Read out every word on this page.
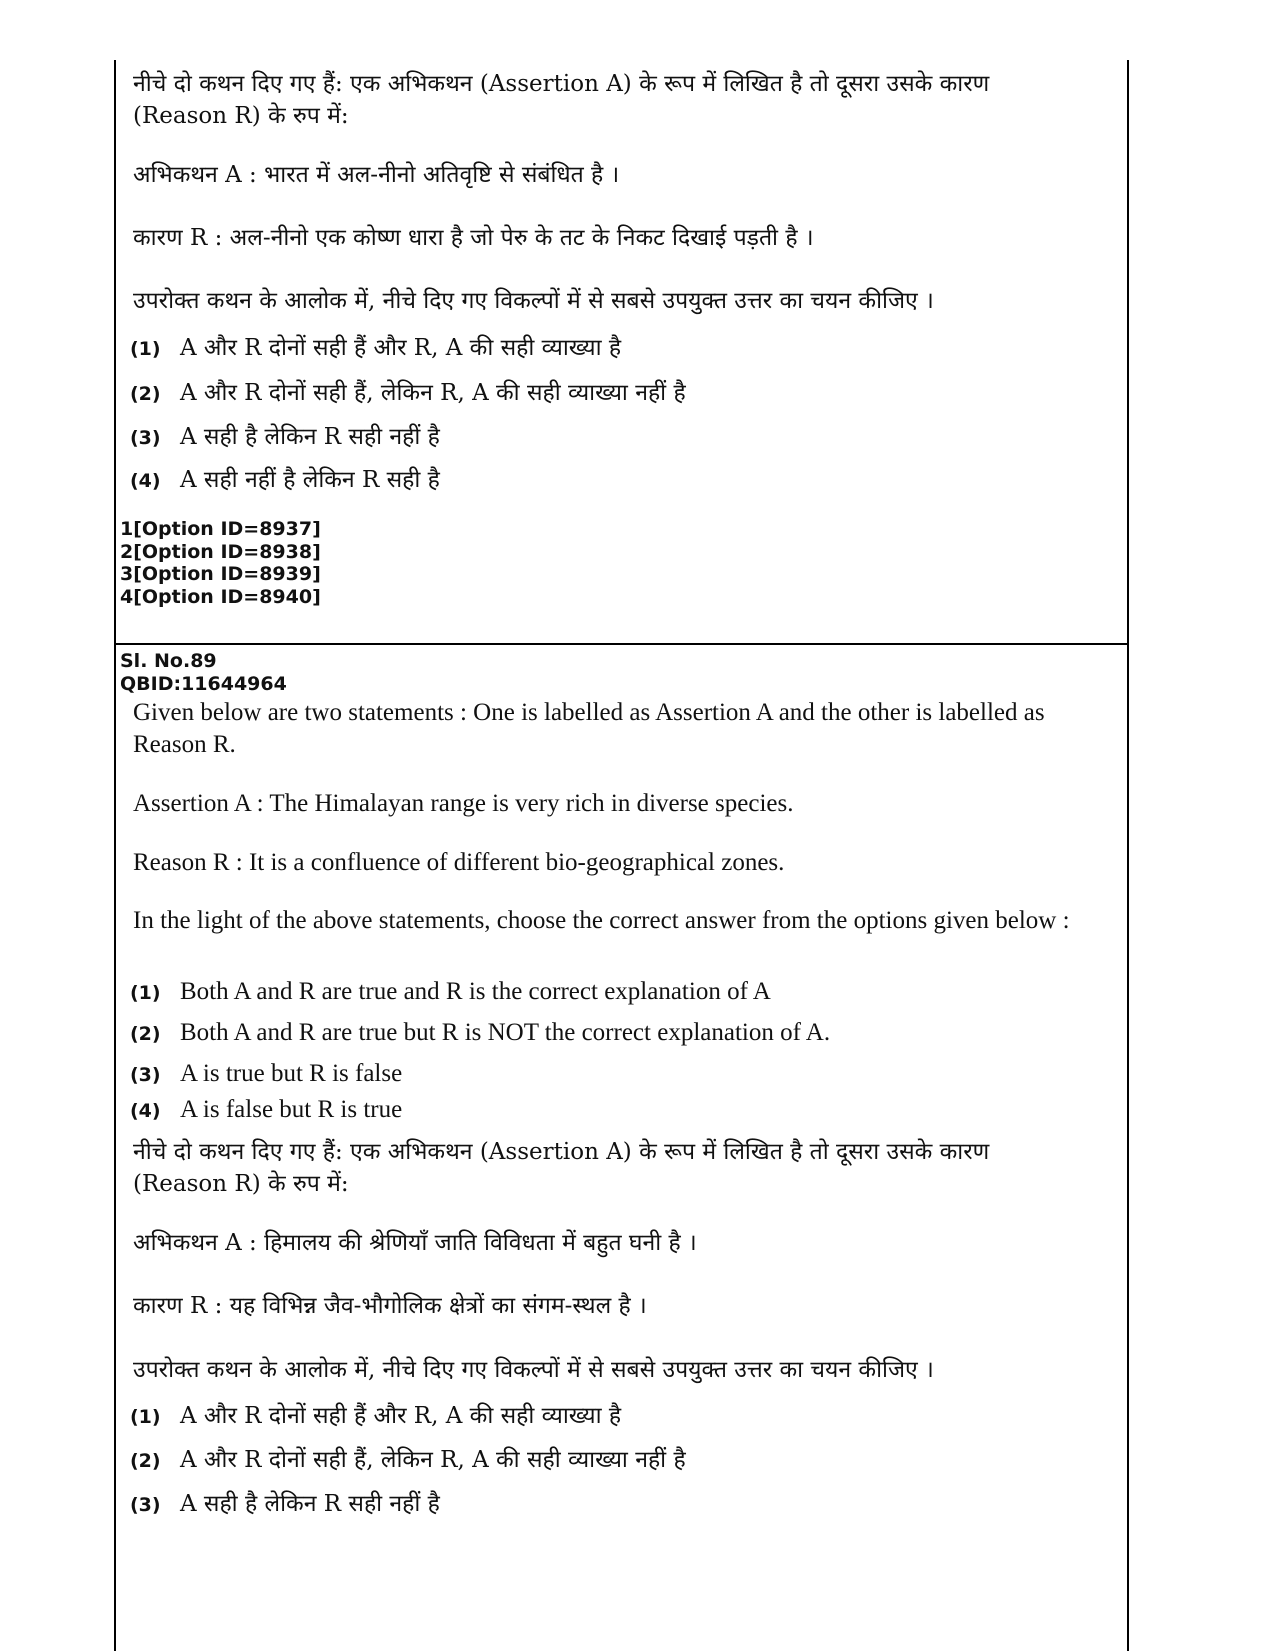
नीचे दो कथन दिए गए हैं: एक अभिकथन (Assertion A) के रूप में लिखित है तो दूसरा उसके कारण (Reason R) के रुप में:

अभिकथन A : भारत में अल-नीनो अतिवृष्टि से संबंधित है ।

कारण R : अल-नीनो एक कोष्ण धारा है जो पेरु के तट के निकट दिखाई पड़ती है ।

उपरोक्त कथन के आलोक में, नीचे दिए गए विकल्पों में से सबसे उपयुक्त उत्तर का चयन कीजिए ।

(1) A और R दोनों सही हैं और R, A की सही व्याख्या है
(2) A और R दोनों सही हैं, लेकिन R, A की सही व्याख्या नहीं है
(3) A सही है लेकिन R सही नहीं है
(4) A सही नहीं है लेकिन R सही है
1[Option ID=8937]
2[Option ID=8938]
3[Option ID=8939]
4[Option ID=8940]
Sl. No.89
QBID:11644964

Given below are two statements : One is labelled as Assertion A and the other is labelled as Reason R.

Assertion A : The Himalayan range is very rich in diverse species.

Reason R : It is a confluence of different bio-geographical zones.

In the light of the above statements, choose the correct answer from the options given below :

(1) Both A and R are true and R is the correct explanation of A
(2) Both A and R are true but R is NOT the correct explanation of A.
(3) A is true but R is false
(4) A is false but R is true

नीचे दो कथन दिए गए हैं: एक अभिकथन (Assertion A) के रूप में लिखित है तो दूसरा उसके कारण (Reason R) के रुप में:

अभिकथन A : हिमालय की श्रेणियाँ जाति विविधता में बहुत घनी है ।

कारण R : यह विभिन्न जैव-भौगोलिक क्षेत्रों का संगम-स्थल है ।

उपरोक्त कथन के आलोक में, नीचे दिए गए विकल्पों में से सबसे उपयुक्त उत्तर का चयन कीजिए ।

(1) A और R दोनों सही हैं और R, A की सही व्याख्या है
(2) A और R दोनों सही हैं, लेकिन R, A की सही व्याख्या नहीं है
(3) A सही है लेकिन R सही नहीं है
